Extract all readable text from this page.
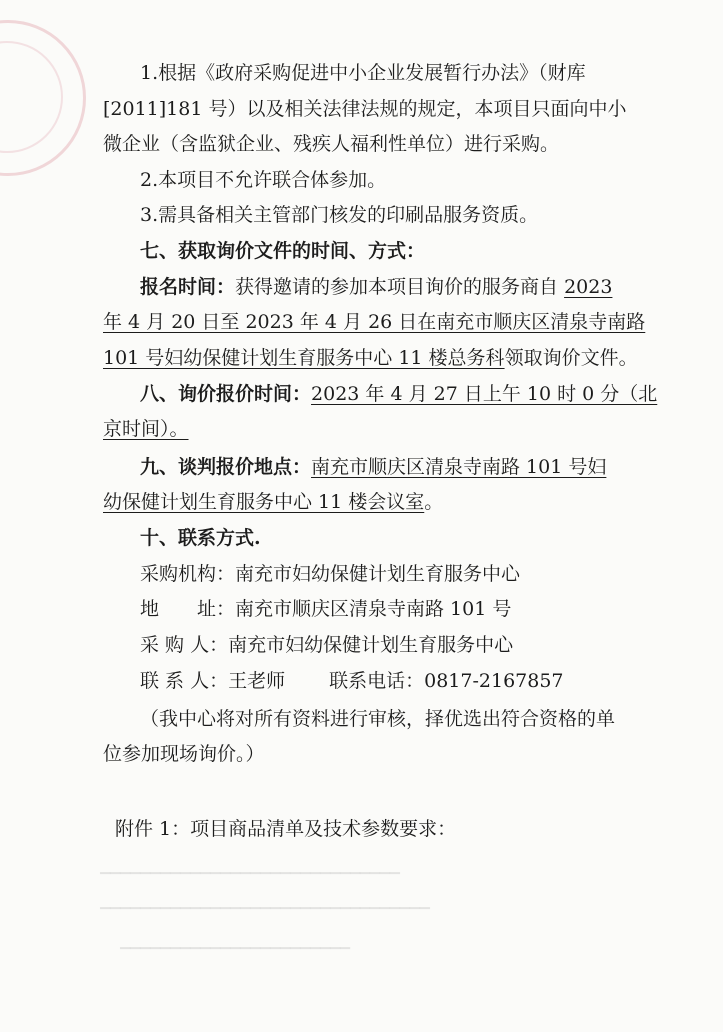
1.根据《政府采购促进中小企业发展暂行办法》（财库
[2011]181 号）以及相关法律法规的规定，本项目只面向中小
微企业（含监狱企业、残疾人福利性单位）进行采购。
2.本项目不允许联合体参加。
3.需具备相关主管部门核发的印刷品服务资质。
七、获取询价文件的时间、方式：
报名时间：获得邀请的参加本项目询价的服务商自 2023
年 4 月 20 日至 2023 年 4 月 26 日在南充市顺庆区清泉寺南路
101 号妇幼保健计划生育服务中心 11 楼总务科领取询价文件。
八、询价报价时间：2023 年 4 月 27 日上午 10 时 0 分（北
京时间）。
九、谈判报价地点：南充市顺庆区清泉寺南路 101 号妇
幼保健计划生育服务中心 11 楼会议室。
十、联系方式.
采购机构：南充市妇幼保健计划生育服务中心
地　　址：南充市顺庆区清泉寺南路 101 号
采 购 人：南充市妇幼保健计划生育服务中心
联 系 人：王老师 联系电话：0817-2167857
（我中心将对所有资料进行审核，择优选出符合资格的单
位参加现场询价。）
附件 1：项目商品清单及技术参数要求：
▁▁▁▁▁▁▁▁▁▁▁▁▁▁▁▁▁▁▁▁▁▁▁▁▁▁▁▁▁▁
▁▁▁▁▁▁▁▁▁▁▁▁▁▁▁▁▁▁▁▁▁▁▁▁▁▁▁▁▁▁▁▁▁
▁▁▁▁▁▁▁▁▁▁▁▁▁▁▁▁▁▁▁▁▁▁▁
